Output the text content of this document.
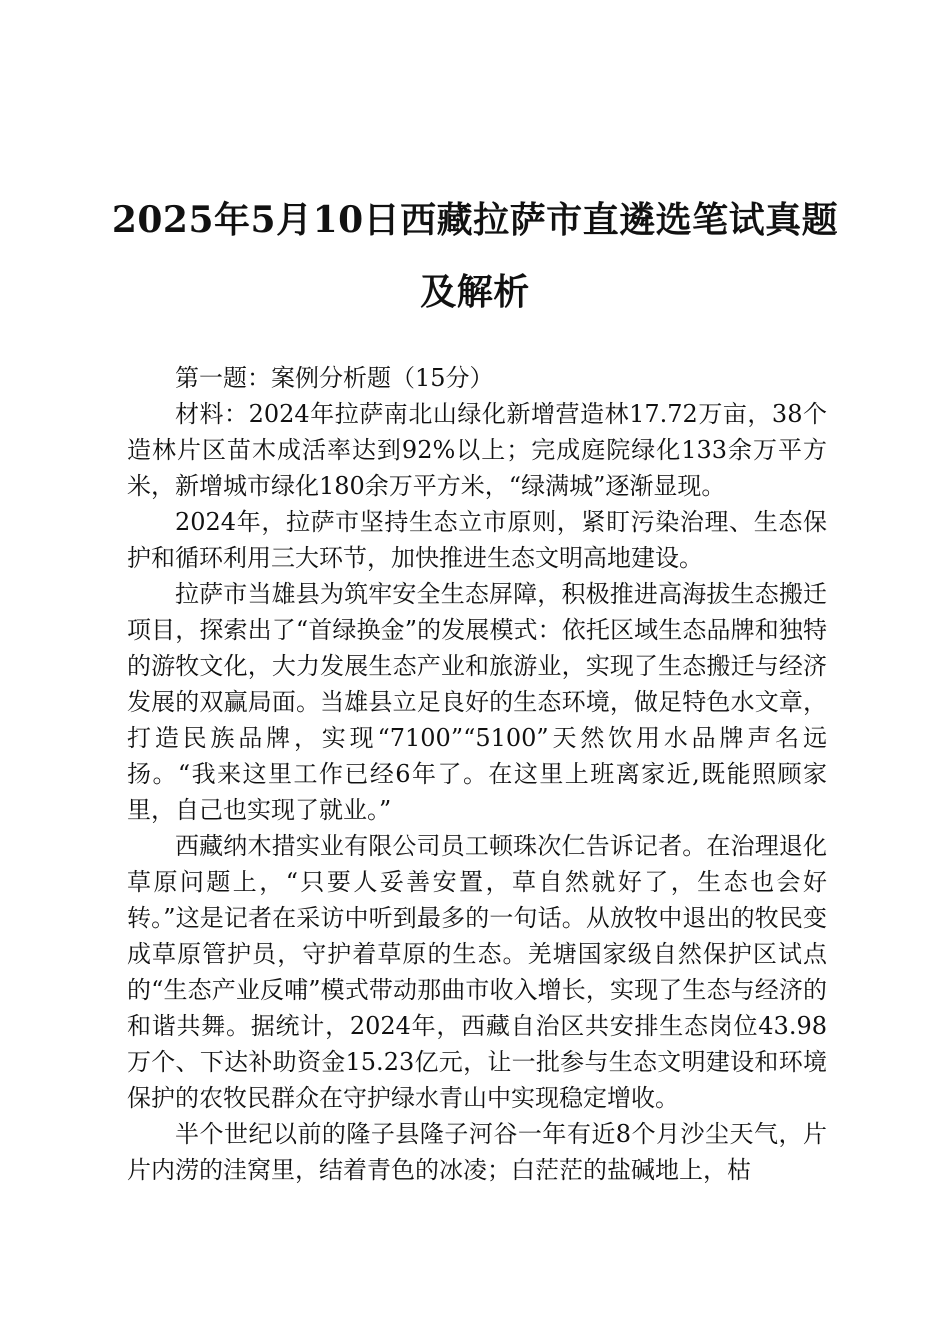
2025年5月10日西藏拉萨市直遴选笔试真题
及解析

第一题：案例分析题（15分）

材料：2024年拉萨南北山绿化新增营造林17.72万亩，38个造林片区苗木成活率达到92%以上；完成庭院绿化133余万平方米，新增城市绿化180余万平方米，“绿满城”逐渐显现。

2024年，拉萨市坚持生态立市原则，紧盯污染治理、生态保护和循环利用三大环节，加快推进生态文明高地建设。

拉萨市当雄县为筑牢安全生态屏障，积极推进高海拔生态搬迁项目，探索出了“首绿换金”的发展模式：依托区域生态品牌和独特的游牧文化，大力发展生态产业和旅游业，实现了生态搬迁与经济发展的双赢局面。当雄县立足良好的生态环境，做足特色水文章，打造民族品牌，实现“7100”“5100”天然饮用水品牌声名远扬。“我来这里工作已经6年了。在这里上班离家近,既能照顾家里，自己也实现了就业。”

西藏纳木措实业有限公司员工顿珠次仁告诉记者。在治理退化草原问题上，“只要人妥善安置，草自然就好了，生态也会好转。”这是记者在采访中听到最多的一句话。从放牧中退出的牧民变成草原管护员，守护着草原的生态。羌塘国家级自然保护区试点的“生态产业反哺”模式带动那曲市收入增长，实现了生态与经济的和谐共舞。据统计，2024年，西藏自治区共安排生态岗位43.98万个、下达补助资金15.23亿元，让一批参与生态文明建设和环境保护的农牧民群众在守护绿水青山中实现稳定增收。

半个世纪以前的隆子县隆子河谷一年有近8个月沙尘天气，片片内涝的洼窝里，结着青色的冰凌；白茫茫的盐碱地上，枯
